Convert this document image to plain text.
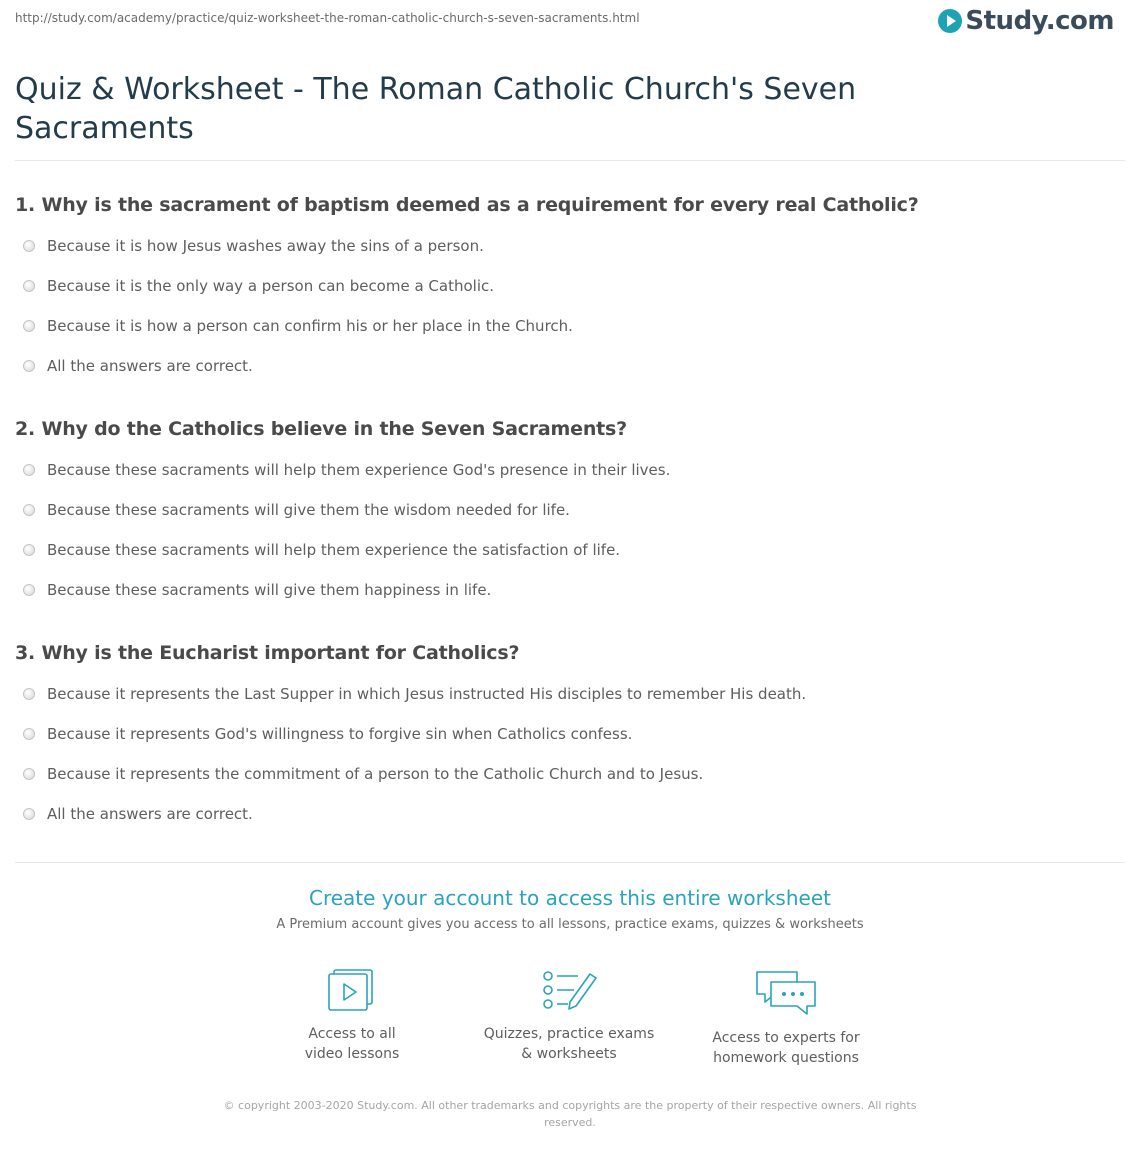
http://study.com/academy/practice/quiz-worksheet-the-roman-catholic-church-s-seven-sacraments.html	Study.com
Quiz & Worksheet - The Roman Catholic Church's Seven Sacraments
1. Why is the sacrament of baptism deemed as a requirement for every real Catholic?
Because it is how Jesus washes away the sins of a person.
Because it is the only way a person can become a Catholic.
Because it is how a person can confirm his or her place in the Church.
All the answers are correct.
2. Why do the Catholics believe in the Seven Sacraments?
Because these sacraments will help them experience God's presence in their lives.
Because these sacraments will give them the wisdom needed for life.
Because these sacraments will help them experience the satisfaction of life.
Because these sacraments will give them happiness in life.
3. Why is the Eucharist important for Catholics?
Because it represents the Last Supper in which Jesus instructed His disciples to remember His death.
Because it represents God's willingness to forgive sin when Catholics confess.
Because it represents the commitment of a person to the Catholic Church and to Jesus.
All the answers are correct.
Create your account to access this entire worksheet
A Premium account gives you access to all lessons, practice exams, quizzes & worksheets
Access to all
video lessons
Quizzes, practice exams
& worksheets
Access to experts for
homework questions
© copyright 2003-2020 Study.com. All other trademarks and copyrights are the property of their respective owners. All rights reserved.
